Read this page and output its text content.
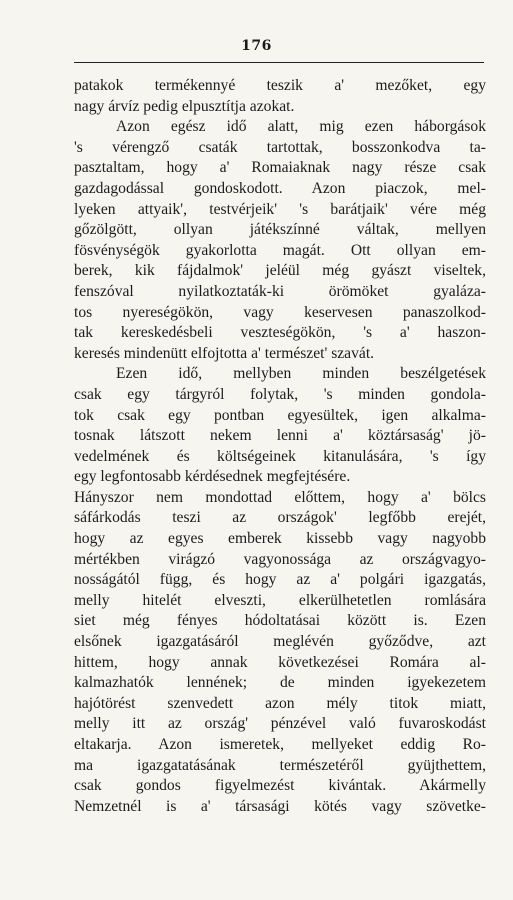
176
patakok termékennyé teszik a' mezőket, egy
nagy árvíz pedig elpusztítja azokat.
Azon egész idő alatt, mig ezen háborgások
's vérengző csaták tartottak, bosszonkodva ta-
pasztaltam, hogy a' Romaiaknak nagy része csak
gazdagodással gondoskodott. Azon piaczok, mel-
lyeken attyaik', testvérjeik' 's barátjaik' vére még
gőzölgött, ollyan játékszínné váltak, mellyen
fösvénységök gyakorlotta magát. Ott ollyan em-
berek, kik fájdalmok' jeléül még gyászt viseltek,
fenszóval nyilatkoztaták-ki örömöket gyaláza-
tos nyereségökön, vagy keservesen panaszolkod-
tak kereskedésbeli veszteségökön, 's a' haszon-
keresés mindenütt elfojtotta a' természet' szavát.
Ezen idő, mellyben minden beszélgetések
csak egy tárgyról folytak, 's minden gondola-
tok csak egy pontban egyesültek, igen alkalma-
tosnak látszott nekem lenni a' köztársaság' jö-
vedelmének és költségeinek kitanulására, 's így
egy legfontosabb kérdésednek megfejtésére.
Hányszor nem mondottad előttem, hogy a' bölcs
sáfárkodás teszi az országok' legfőbb erejét,
hogy az egyes emberek kissebb vagy nagyobb
mértékben virágzó vagyonossága az országvagyo-
nosságától függ, és hogy az a' polgári igazgatás,
melly hitelét elveszti, elkerülhetetlen romlására
siet még fényes hódoltatásai között is. Ezen
elsőnek igazgatásáról meglévén győződve, azt
hittem, hogy annak következései Romára al-
kalmazhatók lennének; de minden igyekezetem
hajótörést szenvedett azon mély titok miatt,
melly itt az ország' pénzével való fuvaroskodást
eltakarja. Azon ismeretek, mellyeket eddig Ro-
ma igazgatatásának természetéről gyüjthettem,
csak gondos figyelmezést kivántak. Akármelly
Nemzetnél is a' társasági kötés vagy szövetke-
